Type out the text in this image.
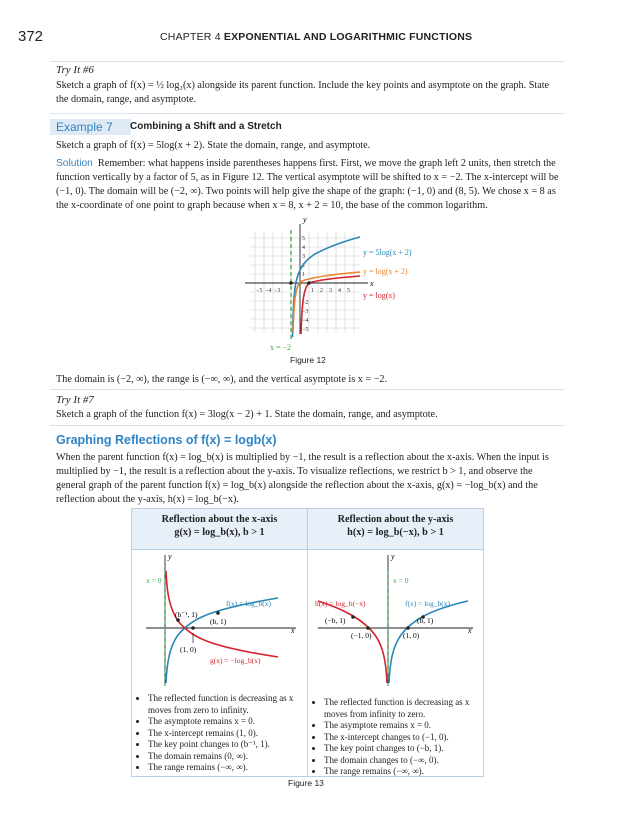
372	CHAPTER 4 EXPONENTIAL AND LOGARITHMIC FUNCTIONS
Try It #6
Sketch a graph of f(x) = ½ log₃(x) alongside its parent function. Include the key points and asymptote on the graph. State the domain, range, and asymptote.
Example 7	Combining a Shift and a Stretch
Sketch a graph of f(x) = 5log(x + 2). State the domain, range, and asymptote.
Solution Remember: what happens inside parentheses happens first. First, we move the graph left 2 units, then stretch the function vertically by a factor of 5, as in Figure 12. The vertical asymptote will be shifted to x = −2. The x-intercept will be (−1, 0). The domain will be (−2, ∞). Two points will help give the shape of the graph: (−1, 0) and (8, 5). We chose x = 8 as the x-coordinate of one point to graph because when x = 8, x + 2 = 10, the base of the common logarithm.
x
y
−5 −4 −3	1 2 3 4 5
5
4
3
2
1
−2
−3
−4
−5
y = 5log(x + 2)
y = log(x + 2)
y = log(x)
x = −2
Figure 12
The domain is (−2, ∞), the range is (−∞, ∞), and the vertical asymptote is x = −2.
Try It #7
Sketch a graph of the function f(x) = 3log(x − 2) + 1. State the domain, range, and asymptote.
Graphing Reflections of f(x) = logb(x)
When the parent function f(x) = log_b(x) is multiplied by −1, the result is a reflection about the x-axis. When the input is multiplied by −1, the result is a reflection about the y-axis. To visualize reflections, we restrict b > 1, and observe the general graph of the parent function f(x) = log_b(x) alongside the reflection about the x-axis, g(x) = −log_b(x) and the reflection about the y-axis, h(x) = log_b(−x).
Reflection about the x-axis
g(x) = log_b(x), b > 1
Reflection about the y-axis
h(x) = log_b(−x), b > 1
x
y
x = 0
f(x) = log_b(x)
g(x) = −log_b(x)
(b⁻¹, 1)
(b, 1)
(1, 0)
x
y
x = 0
h(x) = log_b(−x)	f(x) = log_b(x)
(−b, 1)	(b, 1)
(−1, 0)	(1, 0)
• The reflected function is decreasing as x moves from zero to infinity.
• The asymptote remains x = 0.
• The x-intercept remains (1, 0).
• The key point changes to (b⁻¹, 1).
• The domain remains (0, ∞).
• The range remains (−∞, ∞).
• The reflected function is decreasing as x moves from infinity to zero.
• The asymptote remains x = 0.
• The x-intercept changes to (−1, 0).
• The key point changes to (−b, 1).
• The domain changes to (−∞, 0).
• The range remains (−∞, ∞).
Figure 13
